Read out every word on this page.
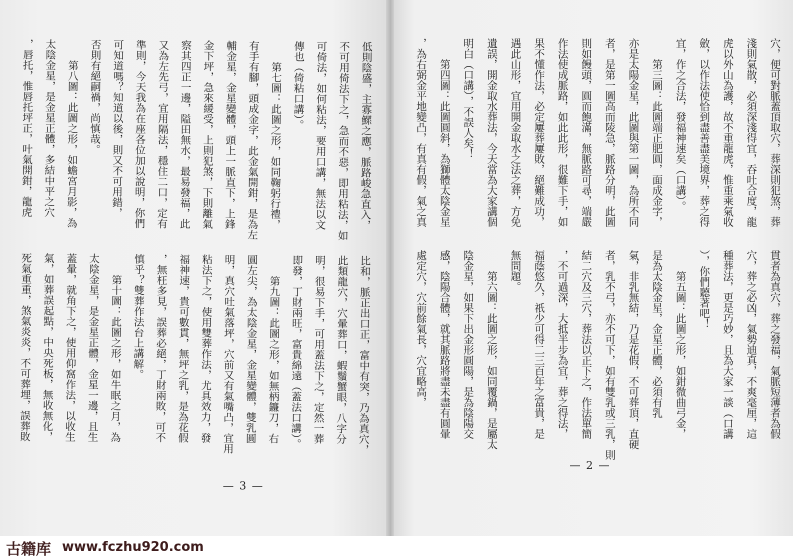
低則陰盛，主寡鰥之應，脈路峻急直入，
不可用倚法下之，急而不惡，即用粘法，如
可倚法，如何粘法，要用口講，無法以文
傳也（倚粘口講）。
第七圖：此圖之形，如同鞠躬行禮，
有手有腳，頭成金字，此金氣開鉗，是為左
輔金星，金星變體，頭上一脈直下，上鋒
金下坪，急來緩受，上則犯煞，下則離氣
察其四正一邊，隘田無水，最易發福，此
又為左先弓，宜用隔法，穩住二口，定有
準則，今天我為在座各位加以說明，你們
可知道嗎？知道以後，則又不可用錯，
否則有絕嗣禍，尚慎哉。
第八圖：此圖之形，如蟾宮月影，為
太陰金星，是金星正體，多結中平之穴
，唇托，惟唇托坪正，叶氣開鉗，龍虎
比和，脈正出口正，富中有突，乃為真穴，
此類龍穴，穴暈葬口，蝦鬚蟹眼，八字分
明，很易下手，可用蓋法下之，定然一葬
即發，丁財兩旺，富貴綿遠（蓋法口講）。
第九圖：此圖之形，如無柄鐮刀，右
圓左尖，為太陰金星，金星變體，雙乳圓
明，真穴吐氣落坪，穴前又有氣嘴凸，宜用
粘法下之，使用雙葬作法，尤具效力，發
福神速，貴可數貫，無坪之乳，是為花假
，無枉多見，誤葬必絕，丁財兩敗，可不
慎乎？雙葬作法台上講解。
第十圖：此圖之形，如牛眠之月，為
太陰金星，是金星正體，金星一邊，且生
蓋暈，就角下之，使用仰窩作法，以收生
氣，如葬誤起點，中央死板，無收無化，
死氣重重，煞氣炎炎，不可葬埋，誤葬敗
— 3 —
穴，便可對脈蓋頂取穴，葬深則犯煞，葬
淺則氣散，必須深淺得宜，吞吐合度，龍
虎以外山為護，故不重龍虎，惟重乘氣收
斂，以作法使恰到盡善盡美境界，葬之得
宜，作之合法，發福神速矣（口講）。
第三圖：此圖端正肥圓，面成金字，
亦是太陽金星，此圖與第一圖，為所不同
者，是第一圖高而陵急，脈路分明，此圖
則如饅頭，圓而飽滿，無脈路可尋，端嚴
作法使成脈路，如此此形，很難下手，如
果不懂作法，必定屢葬屢敗，絕難成功，
遇此山形，宜用開金取水之法之葬，方免
遺誤，開金取水葬法，今天當為大家講個
明白（口講），不誤人矣！
第四圖：此圖圓斜，為獅體太陰金星
，為右弼金平地變凸，有真有假，氣之真
貫者為真穴，葬之發福，氣脈短薄者為假
穴，葬之必凶，氣勢迪真，不爽毫厘，這
種葬法，更是巧妙，且為大家一談（口講
），你們聽著吧！
第五圖：此圖之形，如鉗微曲弓金，
是為太陰金星，金星正體，必須有乳
氣，非乳無結，乃是花假，不可葬頂，直硬
者，乳不弓，亦不可下，如有雙乳或三乳，則
結二穴及三穴，葬法以正下之，作法單簡
，不可過深，大抵半步為宜，葬之得法，
福蔭悠久，祇少可得二三百年之富貴，是
無問題。
第六圖：此圖之形，如同覆鍋，是屬太
陰金星，如果下出金形圓陽，是為陰陽交
感，陰陽合體，就其脈路將盡未盡有圓暈
處定穴，穴前餘氣長，穴宜略高，
— 2 —
古籍库 www.fczhu920.com
